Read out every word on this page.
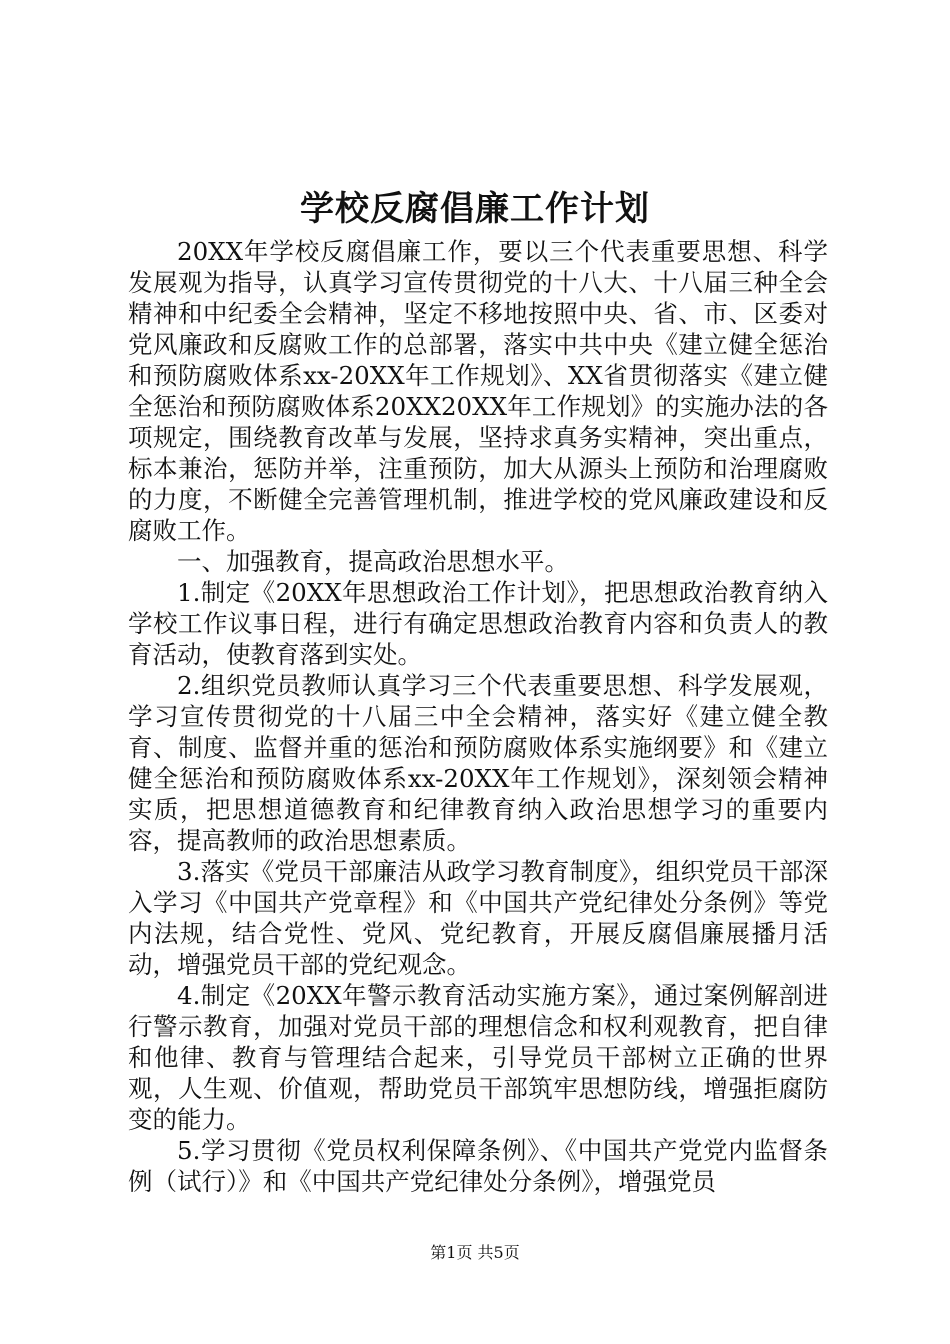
学校反腐倡廉工作计划

20XX年学校反腐倡廉工作，要以三个代表重要思想、科学发展观为指导，认真学习宣传贯彻党的十八大、十八届三种全会精神和中纪委全会精神，坚定不移地按照中央、省、市、区委对党风廉政和反腐败工作的总部署，落实中共中央《建立健全惩治和预防腐败体系xx-20XX年工作规划》、XX省贯彻落实《建立健全惩治和预防腐败体系20XX20XX年工作规划》的实施办法的各项规定，围绕教育改革与发展，坚持求真务实精神，突出重点，标本兼治，惩防并举，注重预防，加大从源头上预防和治理腐败的力度，不断健全完善管理机制，推进学校的党风廉政建设和反腐败工作。

一、加强教育，提高政治思想水平。

1.制定《20XX年思想政治工作计划》，把思想政治教育纳入学校工作议事日程，进行有确定思想政治教育内容和负责人的教育活动，使教育落到实处。

2.组织党员教师认真学习三个代表重要思想、科学发展观，学习宣传贯彻党的十八届三中全会精神，落实好《建立健全教育、制度、监督并重的惩治和预防腐败体系实施纲要》和《建立健全惩治和预防腐败体系xx-20XX年工作规划》，深刻领会精神实质，把思想道德教育和纪律教育纳入政治思想学习的重要内容，提高教师的政治思想素质。

3.落实《党员干部廉洁从政学习教育制度》，组织党员干部深入学习《中国共产党章程》和《中国共产党纪律处分条例》等党内法规，结合党性、党风、党纪教育，开展反腐倡廉展播月活动，增强党员干部的党纪观念。

4.制定《20XX年警示教育活动实施方案》，通过案例解剖进行警示教育，加强对党员干部的理想信念和权利观教育，把自律和他律、教育与管理结合起来，引导党员干部树立正确的世界观，人生观、价值观，帮助党员干部筑牢思想防线，增强拒腐防变的能力。

5.学习贯彻《党员权利保障条例》、《中国共产党党内监督条例（试行）》和《中国共产党纪律处分条例》，增强党员

第1页 共5页
